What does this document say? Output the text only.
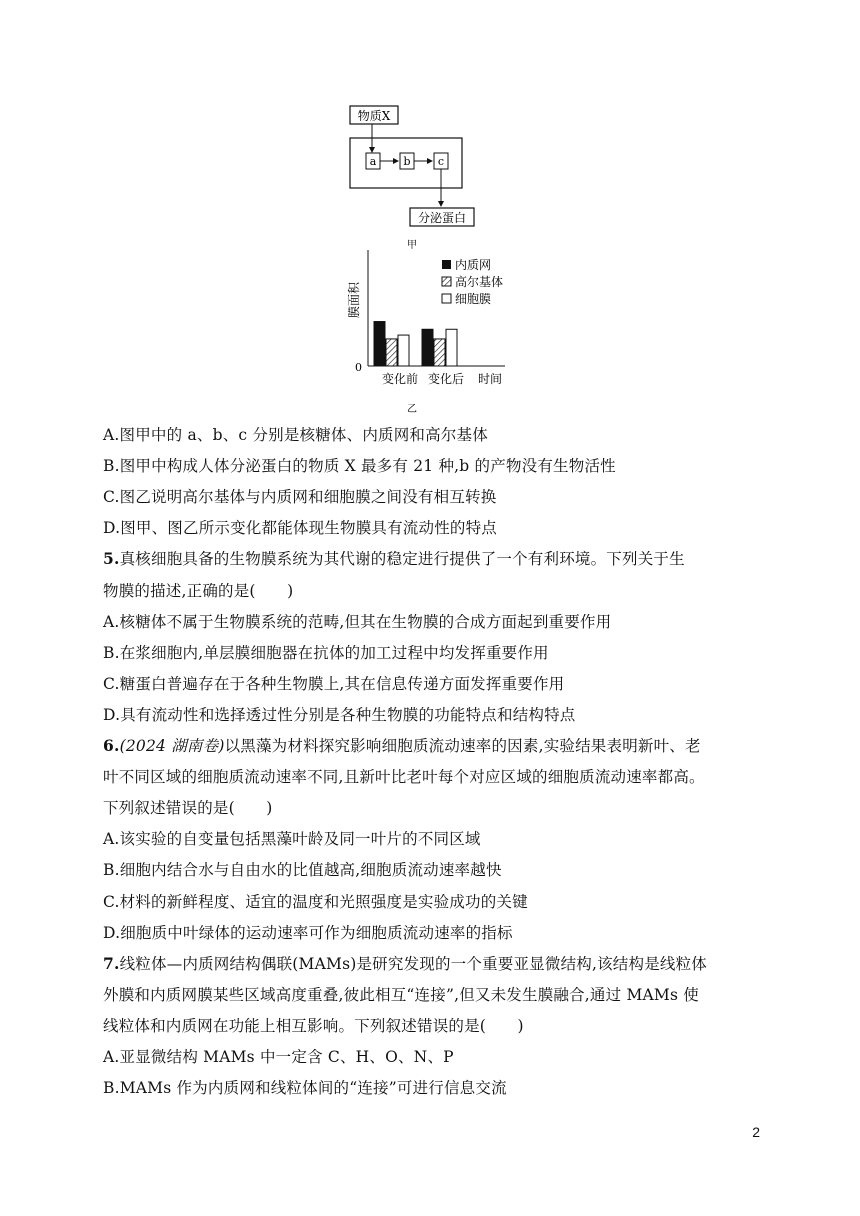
物质X
a b c
分泌蛋白
甲
膜面积
0
内质网
高尔基体
细胞膜
变化前 变化后 时间
乙
A.图甲中的 a、b、c 分别是核糖体、内质网和高尔基体
B.图甲中构成人体分泌蛋白的物质 X 最多有 21 种,b 的产物没有生物活性
C.图乙说明高尔基体与内质网和细胞膜之间没有相互转换
D.图甲、图乙所示变化都能体现生物膜具有流动性的特点
5.真核细胞具备的生物膜系统为其代谢的稳定进行提供了一个有利环境。下列关于生
物膜的描述,正确的是(　　)
A.核糖体不属于生物膜系统的范畴,但其在生物膜的合成方面起到重要作用
B.在浆细胞内,单层膜细胞器在抗体的加工过程中均发挥重要作用
C.糖蛋白普遍存在于各种生物膜上,其在信息传递方面发挥重要作用
D.具有流动性和选择透过性分别是各种生物膜的功能特点和结构特点
6.(2024 湖南卷)以黑藻为材料探究影响细胞质流动速率的因素,实验结果表明新叶、老
叶不同区域的细胞质流动速率不同,且新叶比老叶每个对应区域的细胞质流动速率都高。
下列叙述错误的是(　　)
A.该实验的自变量包括黑藻叶龄及同一叶片的不同区域
B.细胞内结合水与自由水的比值越高,细胞质流动速率越快
C.材料的新鲜程度、适宜的温度和光照强度是实验成功的关键
D.细胞质中叶绿体的运动速率可作为细胞质流动速率的指标
7.线粒体—内质网结构偶联(MAMs)是研究发现的一个重要亚显微结构,该结构是线粒体
外膜和内质网膜某些区域高度重叠,彼此相互“连接”,但又未发生膜融合,通过 MAMs 使
线粒体和内质网在功能上相互影响。下列叙述错误的是(　　)
A.亚显微结构 MAMs 中一定含 C、H、O、N、P
B.MAMs 作为内质网和线粒体间的“连接”可进行信息交流
2
